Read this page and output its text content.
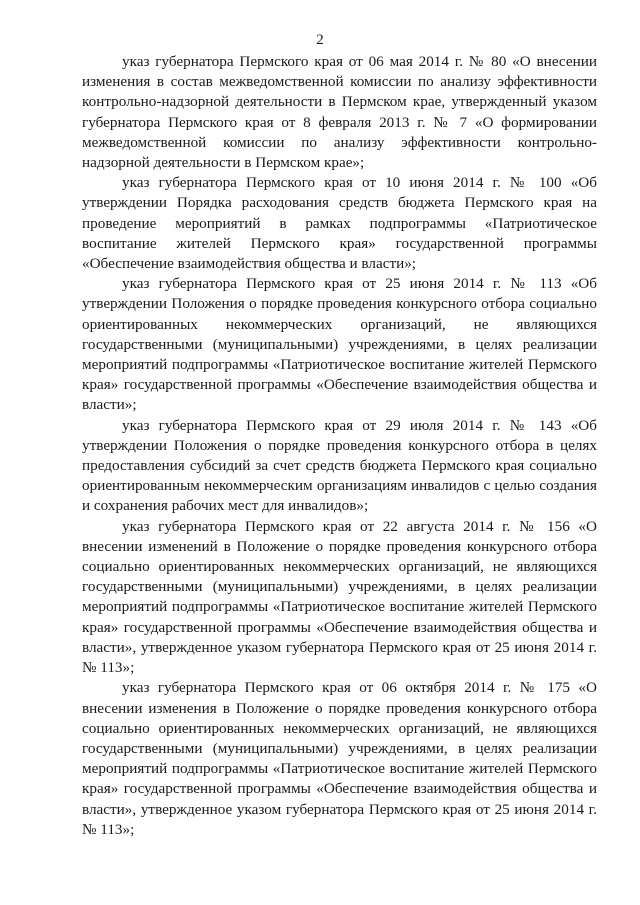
2

указ губернатора Пермского края от 06 мая 2014 г. № 80 «О внесении изменения в состав межведомственной комиссии по анализу эффективности контрольно-надзорной деятельности в Пермском крае, утвержденный указом губернатора Пермского края от 8 февраля 2013 г. № 7 «О формировании межведомственной комиссии по анализу эффективности контрольно-надзорной деятельности в Пермском крае»;

указ губернатора Пермского края от 10 июня 2014 г. № 100 «Об утверждении Порядка расходования средств бюджета Пермского края на проведение мероприятий в рамках подпрограммы «Патриотическое воспитание жителей Пермского края» государственной программы «Обеспечение взаимодействия общества и власти»;

указ губернатора Пермского края от 25 июня 2014 г. № 113 «Об утверждении Положения о порядке проведения конкурсного отбора социально ориентированных некоммерческих организаций, не являющихся государственными (муниципальными) учреждениями, в целях реализации мероприятий подпрограммы «Патриотическое воспитание жителей Пермского края» государственной программы «Обеспечение взаимодействия общества и власти»;

указ губернатора Пермского края от 29 июля 2014 г. № 143 «Об утверждении Положения о порядке проведения конкурсного отбора в целях предоставления субсидий за счет средств бюджета Пермского края социально ориентированным некоммерческим организациям инвалидов с целью создания и сохранения рабочих мест для инвалидов»;

указ губернатора Пермского края от 22 августа 2014 г. № 156 «О внесении изменений в Положение о порядке проведения конкурсного отбора социально ориентированных некоммерческих организаций, не являющихся государственными (муниципальными) учреждениями, в целях реализации мероприятий подпрограммы «Патриотическое воспитание жителей Пермского края» государственной программы «Обеспечение взаимодействия общества и власти», утвержденное указом губернатора Пермского края от 25 июня 2014 г. № 113»;

указ губернатора Пермского края от 06 октября 2014 г. № 175 «О внесении изменения в Положение о порядке проведения конкурсного отбора социально ориентированных некоммерческих организаций, не являющихся государственными (муниципальными) учреждениями, в целях реализации мероприятий подпрограммы «Патриотическое воспитание жителей Пермского края» государственной программы «Обеспечение взаимодействия общества и власти», утвержденное указом губернатора Пермского края от 25 июня 2014 г. № 113»;
